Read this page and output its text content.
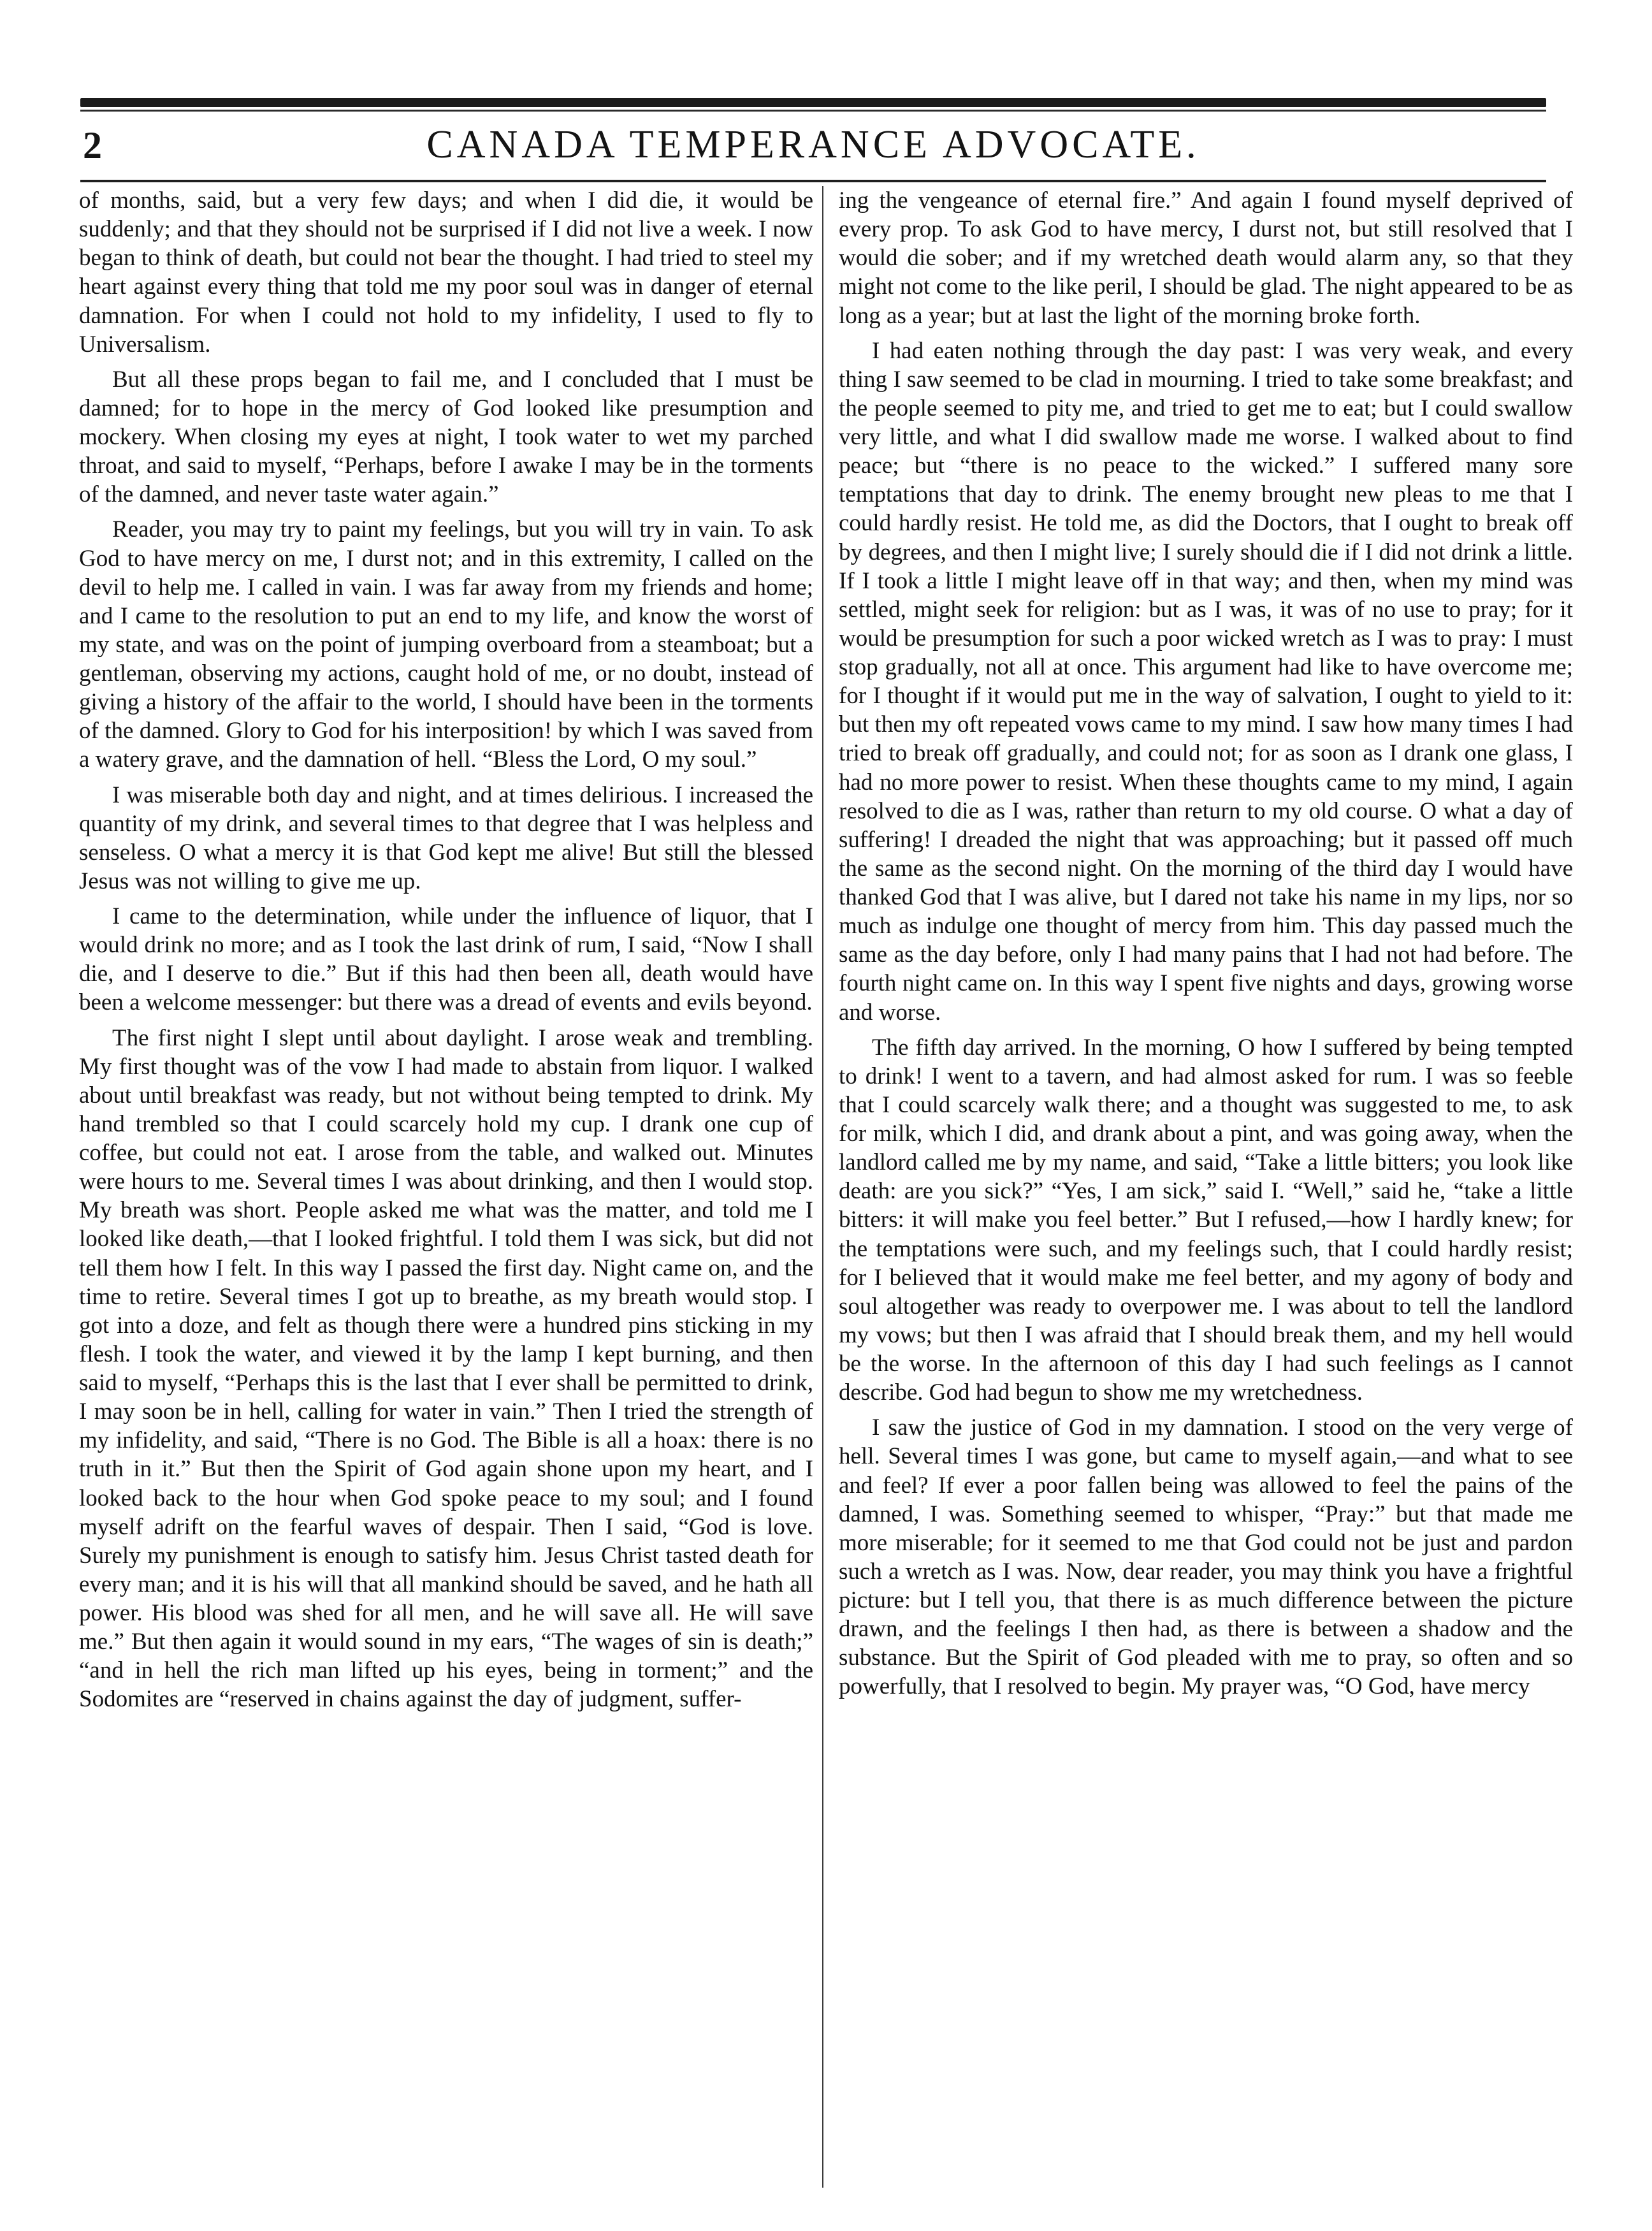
2	CANADA TEMPERANCE ADVOCATE.

of months, said, but a very few days; and when I did die, it would be suddenly; and that they should not be surprised if I did not live a week. I now began to think of death, but could not bear the thought. I had tried to steel my heart against every thing that told me my poor soul was in danger of eternal damnation. For when I could not hold to my infidelity, I used to fly to Universalism.

But all these props began to fail me, and I concluded that I must be damned; for to hope in the mercy of God looked like presumption and mockery. When closing my eyes at night, I took water to wet my parched throat, and said to myself, “Perhaps, before I awake I may be in the torments of the damned, and never taste water again.”

Reader, you may try to paint my feelings, but you will try in vain. To ask God to have mercy on me, I durst not; and in this extremity, I called on the devil to help me. I called in vain. I was far away from my friends and home; and I came to the resolution to put an end to my life, and know the worst of my state, and was on the point of jumping overboard from a steamboat; but a gentleman, observing my actions, caught hold of me, or no doubt, instead of giving a history of the affair to the world, I should have been in the torments of the damned. Glory to God for his interposition! by which I was saved from a watery grave, and the damnation of hell. “Bless the Lord, O my soul.”

I was miserable both day and night, and at times delirious. I increased the quantity of my drink, and several times to that degree that I was helpless and senseless. O what a mercy it is that God kept me alive! But still the blessed Jesus was not willing to give me up.

I came to the determination, while under the influence of liquor, that I would drink no more; and as I took the last drink of rum, I said, “Now I shall die, and I deserve to die.” But if this had then been all, death would have been a welcome messenger: but there was a dread of events and evils beyond.

The first night I slept until about daylight. I arose weak and trembling. My first thought was of the vow I had made to abstain from liquor. I walked about until breakfast was ready, but not without being tempted to drink. My hand trembled so that I could scarcely hold my cup. I drank one cup of coffee, but could not eat. I arose from the table, and walked out. Minutes were hours to me. Several times I was about drinking, and then I would stop. My breath was short. People asked me what was the matter, and told me I looked like death,—that I looked frightful. I told them I was sick, but did not tell them how I felt. In this way I passed the first day. Night came on, and the time to retire. Several times I got up to breathe, as my breath would stop. I got into a doze, and felt as though there were a hundred pins sticking in my flesh. I took the water, and viewed it by the lamp I kept burning, and then said to myself, “Perhaps this is the last that I ever shall be permitted to drink, I may soon be in hell, calling for water in vain.” Then I tried the strength of my infidelity, and said, “There is no God. The Bible is all a hoax: there is no truth in it.” But then the Spirit of God again shone upon my heart, and I looked back to the hour when God spoke peace to my soul; and I found myself adrift on the fearful waves of despair. Then I said, “God is love. Surely my punishment is enough to satisfy him. Jesus Christ tasted death for every man; and it is his will that all mankind should be saved, and he hath all power. His blood was shed for all men, and he will save all. He will save me.” But then again it would sound in my ears, “The wages of sin is death;” “and in hell the rich man lifted up his eyes, being in torment;” and the Sodomites are “reserved in chains against the day of judgment, suffer-

ing the vengeance of eternal fire.” And again I found myself deprived of every prop. To ask God to have mercy, I durst not, but still resolved that I would die sober; and if my wretched death would alarm any, so that they might not come to the like peril, I should be glad. The night appeared to be as long as a year; but at last the light of the morning broke forth.

I had eaten nothing through the day past: I was very weak, and every thing I saw seemed to be clad in mourning. I tried to take some breakfast; and the people seemed to pity me, and tried to get me to eat; but I could swallow very little, and what I did swallow made me worse. I walked about to find peace; but “there is no peace to the wicked.” I suffered many sore temptations that day to drink. The enemy brought new pleas to me that I could hardly resist. He told me, as did the Doctors, that I ought to break off by degrees, and then I might live; I surely should die if I did not drink a little. If I took a little I might leave off in that way; and then, when my mind was settled, might seek for religion: but as I was, it was of no use to pray; for it would be presumption for such a poor wicked wretch as I was to pray: I must stop gradually, not all at once. This argument had like to have overcome me; for I thought if it would put me in the way of salvation, I ought to yield to it: but then my oft repeated vows came to my mind. I saw how many times I had tried to break off gradually, and could not; for as soon as I drank one glass, I had no more power to resist. When these thoughts came to my mind, I again resolved to die as I was, rather than return to my old course. O what a day of suffering! I dreaded the night that was approaching; but it passed off much the same as the second night. On the morning of the third day I would have thanked God that I was alive, but I dared not take his name in my lips, nor so much as indulge one thought of mercy from him. This day passed much the same as the day before, only I had many pains that I had not had before. The fourth night came on. In this way I spent five nights and days, growing worse and worse.

The fifth day arrived. In the morning, O how I suffered by being tempted to drink! I went to a tavern, and had almost asked for rum. I was so feeble that I could scarcely walk there; and a thought was suggested to me, to ask for milk, which I did, and drank about a pint, and was going away, when the landlord called me by my name, and said, “Take a little bitters; you look like death: are you sick?” “Yes, I am sick,” said I. “Well,” said he, “take a little bitters: it will make you feel better.” But I refused,—how I hardly knew; for the temptations were such, and my feelings such, that I could hardly resist; for I believed that it would make me feel better, and my agony of body and soul altogether was ready to overpower me. I was about to tell the landlord my vows; but then I was afraid that I should break them, and my hell would be the worse. In the afternoon of this day I had such feelings as I cannot describe. God had begun to show me my wretchedness.

I saw the justice of God in my damnation. I stood on the very verge of hell. Several times I was gone, but came to myself again,—and what to see and feel? If ever a poor fallen being was allowed to feel the pains of the damned, I was. Something seemed to whisper, “Pray:” but that made me more miserable; for it seemed to me that God could not be just and pardon such a wretch as I was. Now, dear reader, you may think you have a frightful picture: but I tell you, that there is as much difference between the picture drawn, and the feelings I then had, as there is between a shadow and the substance. But the Spirit of God pleaded with me to pray, so often and so powerfully, that I resolved to begin. My prayer was, “O God, have mercy
